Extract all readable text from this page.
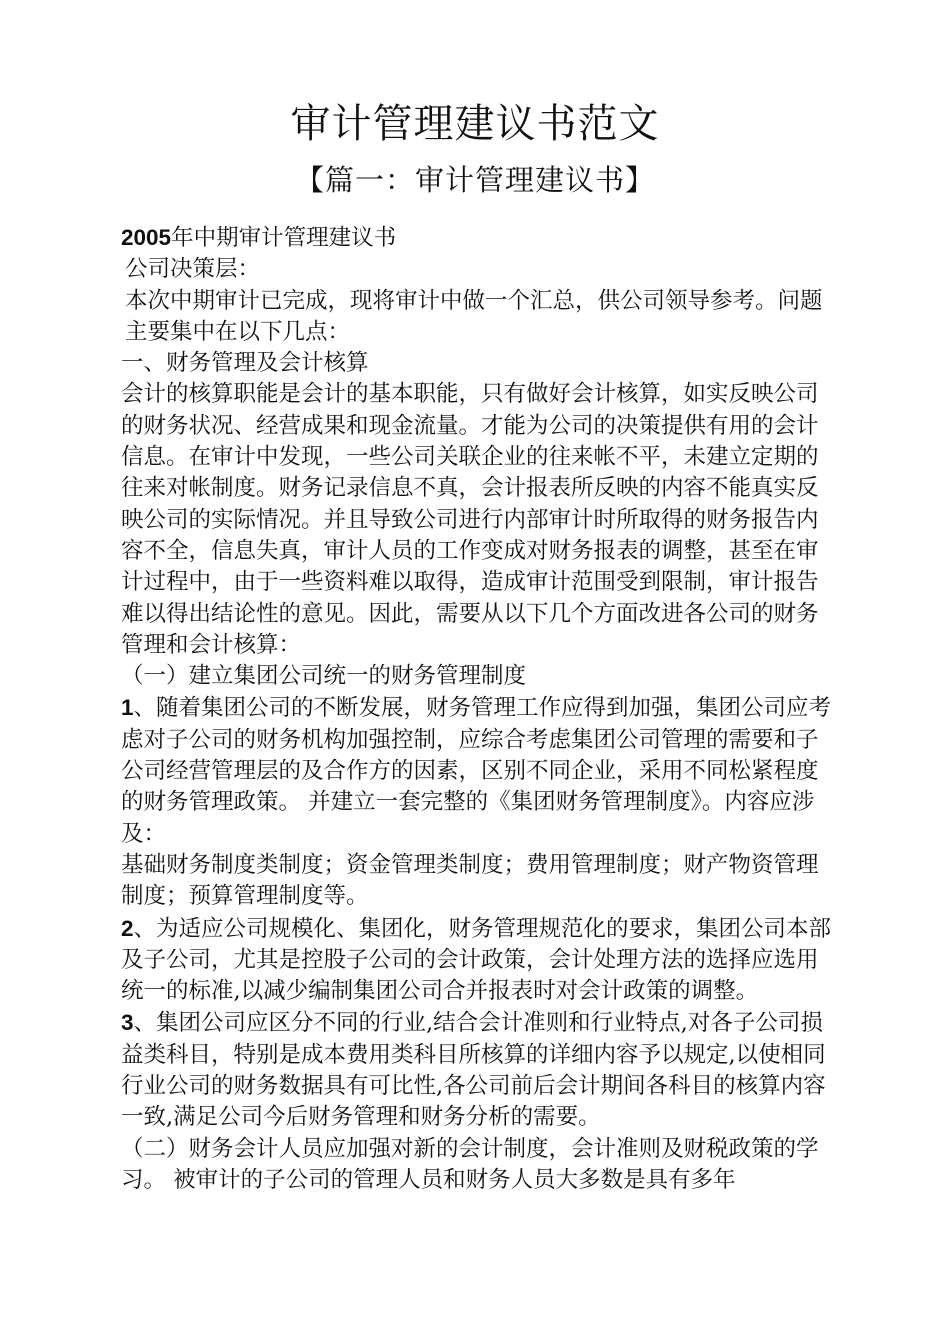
审计管理建议书范文
【篇一：审计管理建议书】

2005年中期审计管理建议书

公司决策层：

本次中期审计已完成，现将审计中做一个汇总，供公司领导参考。问题主要集中在以下几点：

一、财务管理及会计核算

会计的核算职能是会计的基本职能，只有做好会计核算，如实反映公司的财务状况、经营成果和现金流量。才能为公司的决策提供有用的会计信息。在审计中发现，一些公司关联企业的往来帐不平，未建立定期的往来对帐制度。财务记录信息不真，会计报表所反映的内容不能真实反映公司的实际情况。并且导致公司进行内部审计时所取得的财务报告内容不全，信息失真，审计人员的工作变成对财务报表的调整，甚至在审计过程中，由于一些资料难以取得，造成审计范围受到限制，审计报告难以得出结论性的意见。因此，需要从以下几个方面改进各公司的财务管理和会计核算：

（一）建立集团公司统一的财务管理制度

1、随着集团公司的不断发展，财务管理工作应得到加强，集团公司应考虑对子公司的财务机构加强控制，应综合考虑集团公司管理的需要和子公司经营管理层的及合作方的因素，区别不同企业，采用不同松紧程度的财务管理政策。 并建立一套完整的《集团财务管理制度》。内容应涉及：

基础财务制度类制度；资金管理类制度；费用管理制度；财产物资管理制度；预算管理制度等。

2、为适应公司规模化、集团化，财务管理规范化的要求，集团公司本部及子公司，尤其是控股子公司的会计政策，会计处理方法的选择应选用统一的标准,以减少编制集团公司合并报表时对会计政策的调整。

3、集团公司应区分不同的行业,结合会计准则和行业特点,对各子公司损益类科目，特别是成本费用类科目所核算的详细内容予以规定,以使相同行业公司的财务数据具有可比性,各公司前后会计期间各科目的核算内容一致,满足公司今后财务管理和财务分析的需要。

（二）财务会计人员应加强对新的会计制度，会计准则及财税政策的学习。 被审计的子公司的管理人员和财务人员大多数是具有多年
